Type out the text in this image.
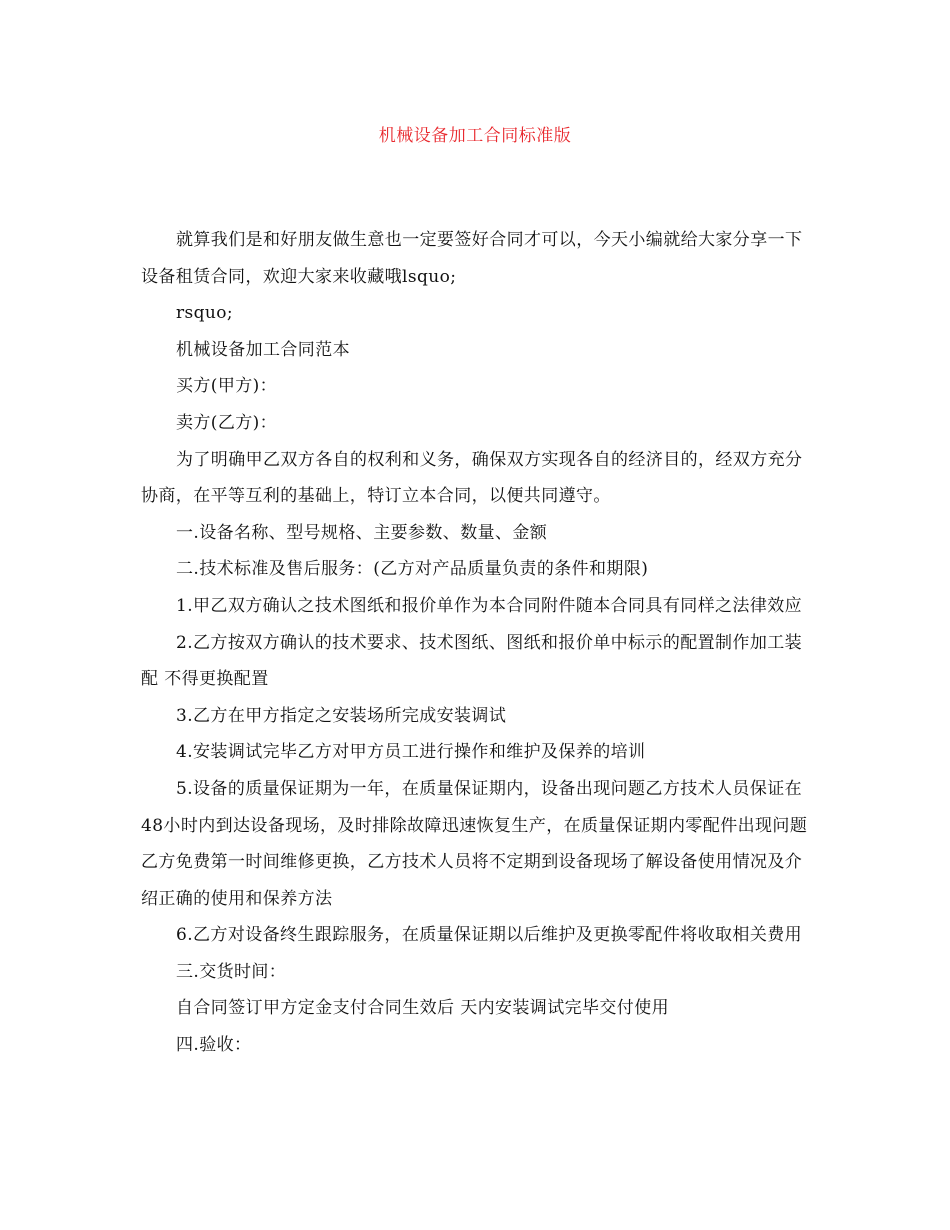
机械设备加工合同标准版

就算我们是和好朋友做生意也一定要签好合同才可以，今天小编就给大家分享一下设备租赁合同，欢迎大家来收藏哦lsquo;

rsquo;

机械设备加工合同范本

买方(甲方)：

卖方(乙方)：

为了明确甲乙双方各自的权利和义务，确保双方实现各自的经济目的，经双方充分协商，在平等互利的基础上，特订立本合同，以便共同遵守。

一.设备名称、型号规格、主要参数、数量、金额

二.技术标准及售后服务：(乙方对产品质量负责的条件和期限)

1.甲乙双方确认之技术图纸和报价单作为本合同附件随本合同具有同样之法律效应

2.乙方按双方确认的技术要求、技术图纸、图纸和报价单中标示的配置制作加工装配 不得更换配置

3.乙方在甲方指定之安装场所完成安装调试

4.安装调试完毕乙方对甲方员工进行操作和维护及保养的培训

5.设备的质量保证期为一年，在质量保证期内，设备出现问题乙方技术人员保证在48小时内到达设备现场，及时排除故障迅速恢复生产，在质量保证期内零配件出现问题乙方免费第一时间维修更换，乙方技术人员将不定期到设备现场了解设备使用情况及介绍正确的使用和保养方法

6.乙方对设备终生跟踪服务，在质量保证期以后维护及更换零配件将收取相关费用

三.交货时间：

自合同签订甲方定金支付合同生效后 天内安装调试完毕交付使用

四.验收：
